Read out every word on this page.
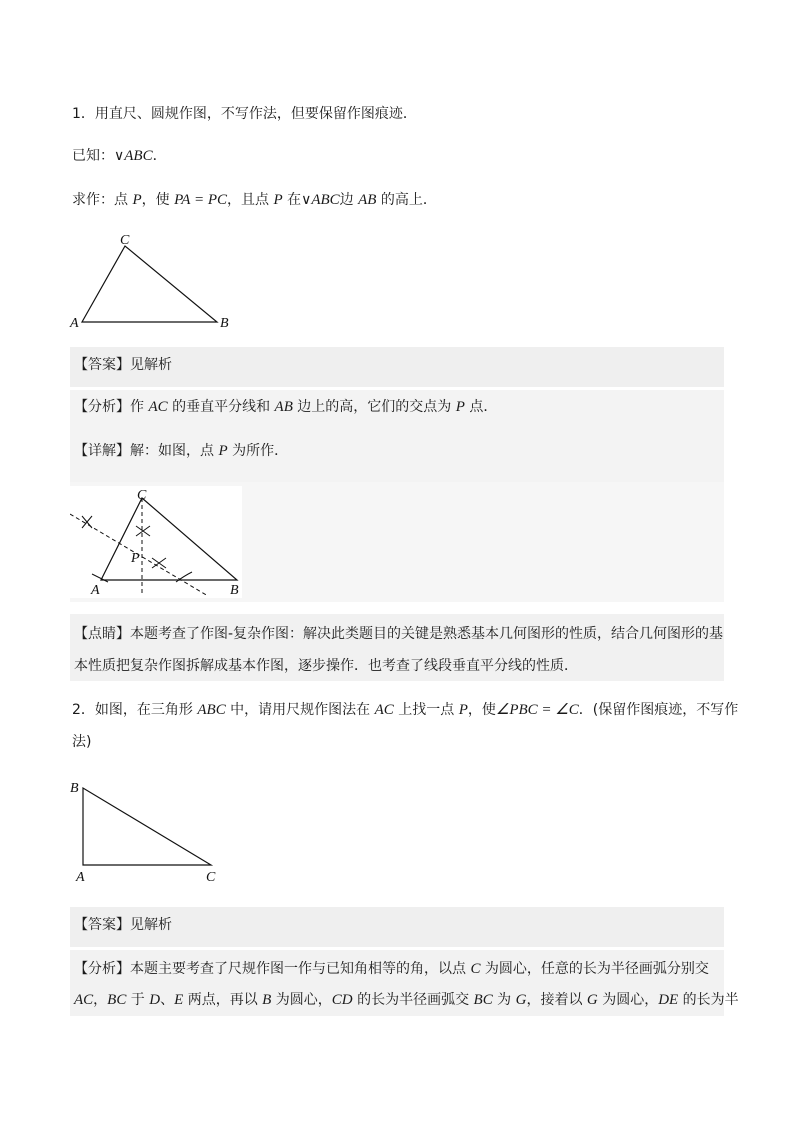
1．用直尺、圆规作图，不写作法，但要保留作图痕迹．
已知：∨ABC．
求作：点 P，使 PA = PC，且点 P 在∨ABC边 AB 的高上．
C
A	B
【答案】见解析
【分析】作 AC 的垂直平分线和 AB 边上的高，它们的交点为 P 点．
【详解】解：如图，点 P 为所作．
C
P
A	B
【点睛】本题考查了作图-复杂作图：解决此类题目的关键是熟悉基本几何图形的性质，结合几何图形的基
本性质把复杂作图拆解成基本作图，逐步操作．也考查了线段垂直平分线的性质．
2．如图，在三角形 ABC 中，请用尺规作图法在 AC 上找一点 P，使∠PBC = ∠C．(保留作图痕迹，不写作
法)
B
A	C
【答案】见解析
【分析】本题主要考查了尺规作图一作与已知角相等的角，以点 C 为圆心，任意的长为半径画弧分别交
AC，BC 于 D、E 两点，再以 B 为圆心，CD 的长为半径画弧交 BC 为 G，接着以 G 为圆心，DE 的长为半
